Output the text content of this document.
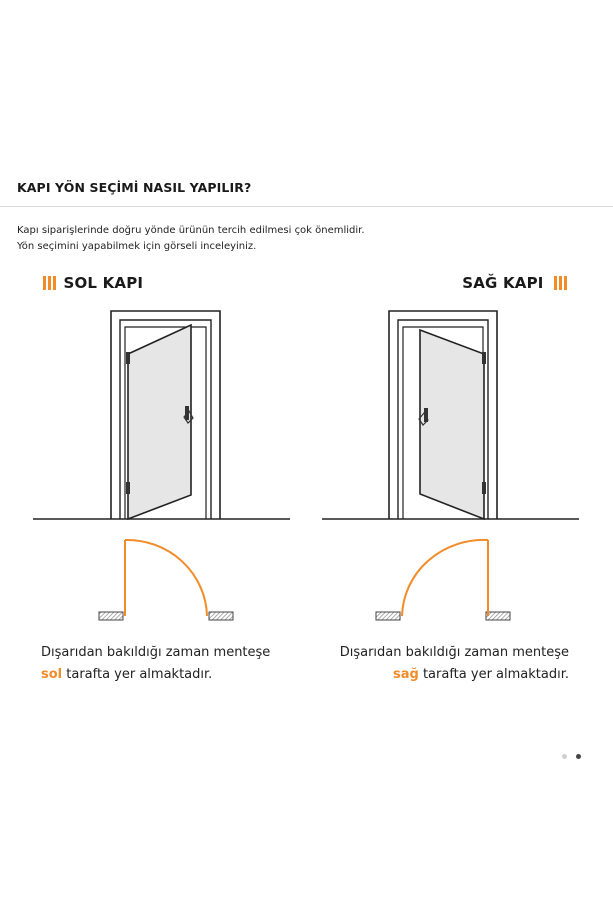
KAPI YÖN SEÇİMİ NASIL YAPILIR?
Kapı siparişlerinde doğru yönde ürünün tercih edilmesi çok önemlidir.
Yön seçimini yapabilmek için görseli inceleyiniz.
SOL KAPI	SAĞ KAPI
Dışarıdan bakıldığı zaman menteşe
sol tarafta yer almaktadır.
Dışarıdan bakıldığı zaman menteşe
sağ tarafta yer almaktadır.
